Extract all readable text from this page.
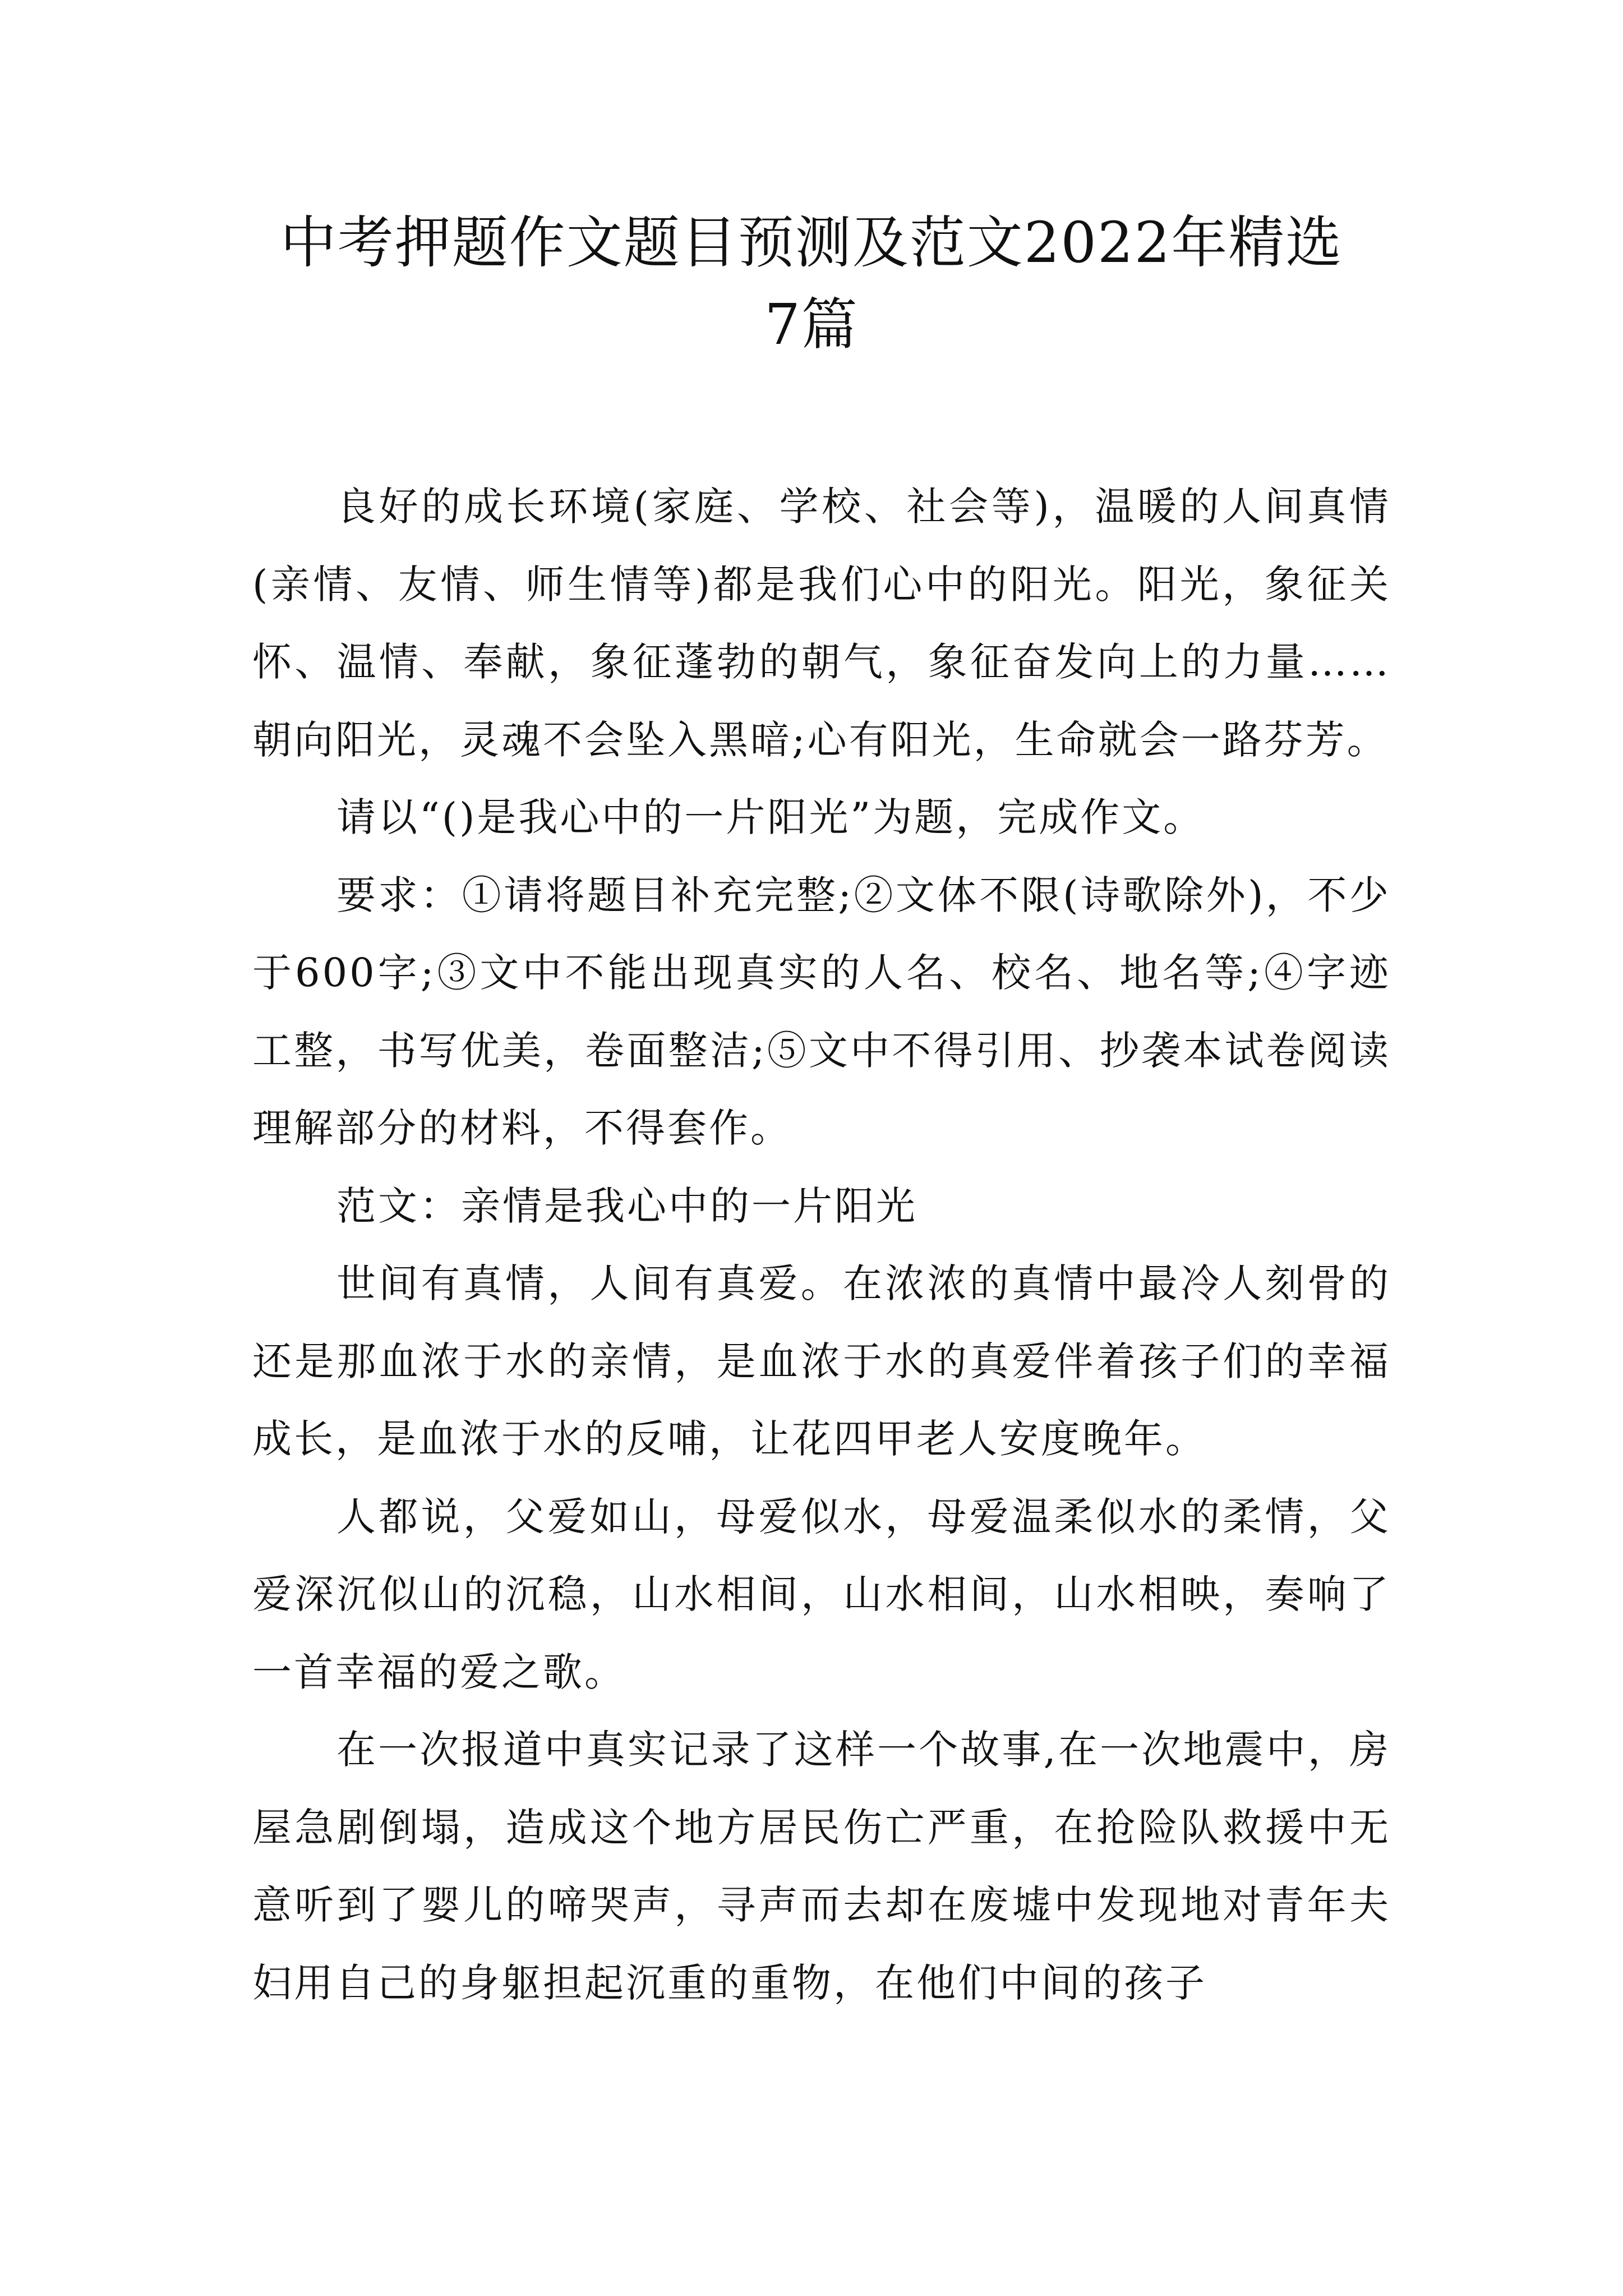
中考押题作文题目预测及范文2022年精选
7篇

良好的成长环境(家庭、学校、社会等)，温暖的人间真情(亲情、友情、师生情等)都是我们心中的阳光。阳光，象征关怀、温情、奉献，象征蓬勃的朝气，象征奋发向上的力量……朝向阳光，灵魂不会坠入黑暗;心有阳光，生命就会一路芬芳。

请以“()是我心中的一片阳光”为题，完成作文。

要求：①请将题目补充完整;②文体不限(诗歌除外)，不少于600字;③文中不能出现真实的人名、校名、地名等;④字迹工整，书写优美，卷面整洁;⑤文中不得引用、抄袭本试卷阅读理解部分的材料，不得套作。

范文：亲情是我心中的一片阳光

世间有真情，人间有真爱。在浓浓的真情中最冷人刻骨的还是那血浓于水的亲情，是血浓于水的真爱伴着孩子们的幸福成长，是血浓于水的反哺，让花四甲老人安度晚年。

人都说，父爱如山，母爱似水，母爱温柔似水的柔情，父爱深沉似山的沉稳，山水相间，山水相间，山水相映，奏响了一首幸福的爱之歌。

在一次报道中真实记录了这样一个故事,在一次地震中，房屋急剧倒塌，造成这个地方居民伤亡严重，在抢险队救援中无意听到了婴儿的啼哭声，寻声而去却在废墟中发现地对青年夫妇用自己的身躯担起沉重的重物，在他们中间的孩子
